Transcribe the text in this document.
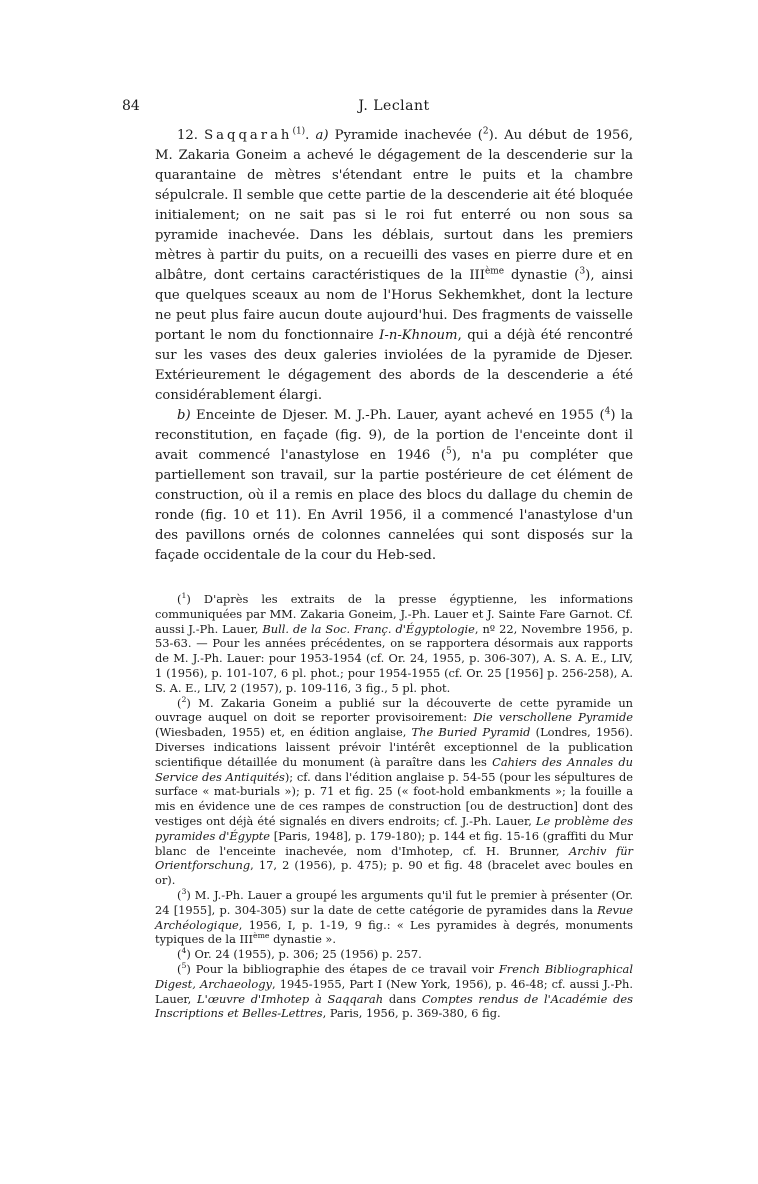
84	J. Leclant

12. Saqqarah$^{(1)}$. a) Pyramide inachevée ($^2$). Au début de 1956, M. Zakaria Goneim a achevé le dégagement de la descenderie sur la quarantaine de mètres s'étendant entre le puits et la chambre sépulcrale. Il semble que cette partie de la descenderie ait été bloquée initialement; on ne sait pas si le roi fut enterré ou non sous sa pyramide inachevée. Dans les déblais, surtout dans les premiers mètres à partir du puits, on a recueilli des vases en pierre dure et en albâtre, dont certains caractéristiques de la IIIème dynastie ($^3$), ainsi que quelques sceaux au nom de l'Horus Sekhemkhet, dont la lecture ne peut plus faire aucun doute aujourd'hui. Des fragments de vaisselle portant le nom du fonctionnaire I-n-Khnoum, qui a déjà été rencontré sur les vases des deux galeries inviolées de la pyramide de Djeser. Extérieurement le dégagement des abords de la descenderie a été considérablement élargi.

b) Enceinte de Djeser. M. J.-Ph. Lauer, ayant achevé en 1955 ($^4$) la reconstitution, en façade (fig. 9), de la portion de l'enceinte dont il avait commencé l'anastylose en 1946 ($^5$), n'a pu compléter que partiellement son travail, sur la partie postérieure de cet élément de construction, où il a remis en place des blocs du dallage du chemin de ronde (fig. 10 et 11). En Avril 1956, il a commencé l'anastylose d'un des pavillons ornés de colonnes cannelées qui sont disposés sur la façade occidentale de la cour du Heb-sed.

($^1$) D'après les extraits de la presse égyptienne, les informations communiquées par MM. Zakaria Goneim, J.-Ph. Lauer et J. Sainte Fare Garnot. Cf. aussi J.-Ph. Lauer, Bull. de la Soc. Franç. d'Égyptologie, nº 22, Novembre 1956, p. 53-63. — Pour les années précédentes, on se rapportera désormais aux rapports de M. J.-Ph. Lauer: pour 1953-1954 (cf. Or. 24, 1955, p. 306-307), A. S. A. E., LIV, 1 (1956), p. 101-107, 6 pl. phot.; pour 1954-1955 (cf. Or. 25 [1956] p. 256-258), A. S. A. E., LIV, 2 (1957), p. 109-116, 3 fig., 5 pl. phot.

($^2$) M. Zakaria Goneim a publié sur la découverte de cette pyramide un ouvrage auquel on doit se reporter provisoirement: Die verschollene Pyramide (Wiesbaden, 1955) et, en édition anglaise, The Buried Pyramid (Londres, 1956). Diverses indications laissent prévoir l'intérêt exceptionnel de la publication scientifique détaillée du monument (à paraître dans les Cahiers des Annales du Service des Antiquités); cf. dans l'édition anglaise p. 54-55 (pour les sépultures de surface « mat-burials »); p. 71 et fig. 25 (« foot-hold embankments »; la fouille a mis en évidence une de ces rampes de construction [ou de destruction] dont des vestiges ont déjà été signalés en divers endroits; cf. J.-Ph. Lauer, Le problème des pyramides d'Égypte [Paris, 1948], p. 179-180); p. 144 et fig. 15-16 (graffiti du Mur blanc de l'enceinte inachevée, nom d'Imhotep, cf. H. Brunner, Archiv für Orientforschung, 17, 2 (1956), p. 475); p. 90 et fig. 48 (bracelet avec boules en or).

($^3$) M. J.-Ph. Lauer a groupé les arguments qu'il fut le premier à présenter (Or. 24 [1955], p. 304-305) sur la date de cette catégorie de pyramides dans la Revue Archéologique, 1956, I, p. 1-19, 9 fig.: « Les pyramides à degrés, monuments typiques de la IIIème dynastie ».

($^4$) Or. 24 (1955), p. 306; 25 (1956) p. 257.

($^5$) Pour la bibliographie des étapes de ce travail voir French Bibliographical Digest, Archaeology, 1945-1955, Part I (New York, 1956), p. 46-48; cf. aussi J.-Ph. Lauer, L'œuvre d'Imhotep à Saqqarah dans Comptes rendus de l'Académie des Inscriptions et Belles-Lettres, Paris, 1956, p. 369-380, 6 fig.
